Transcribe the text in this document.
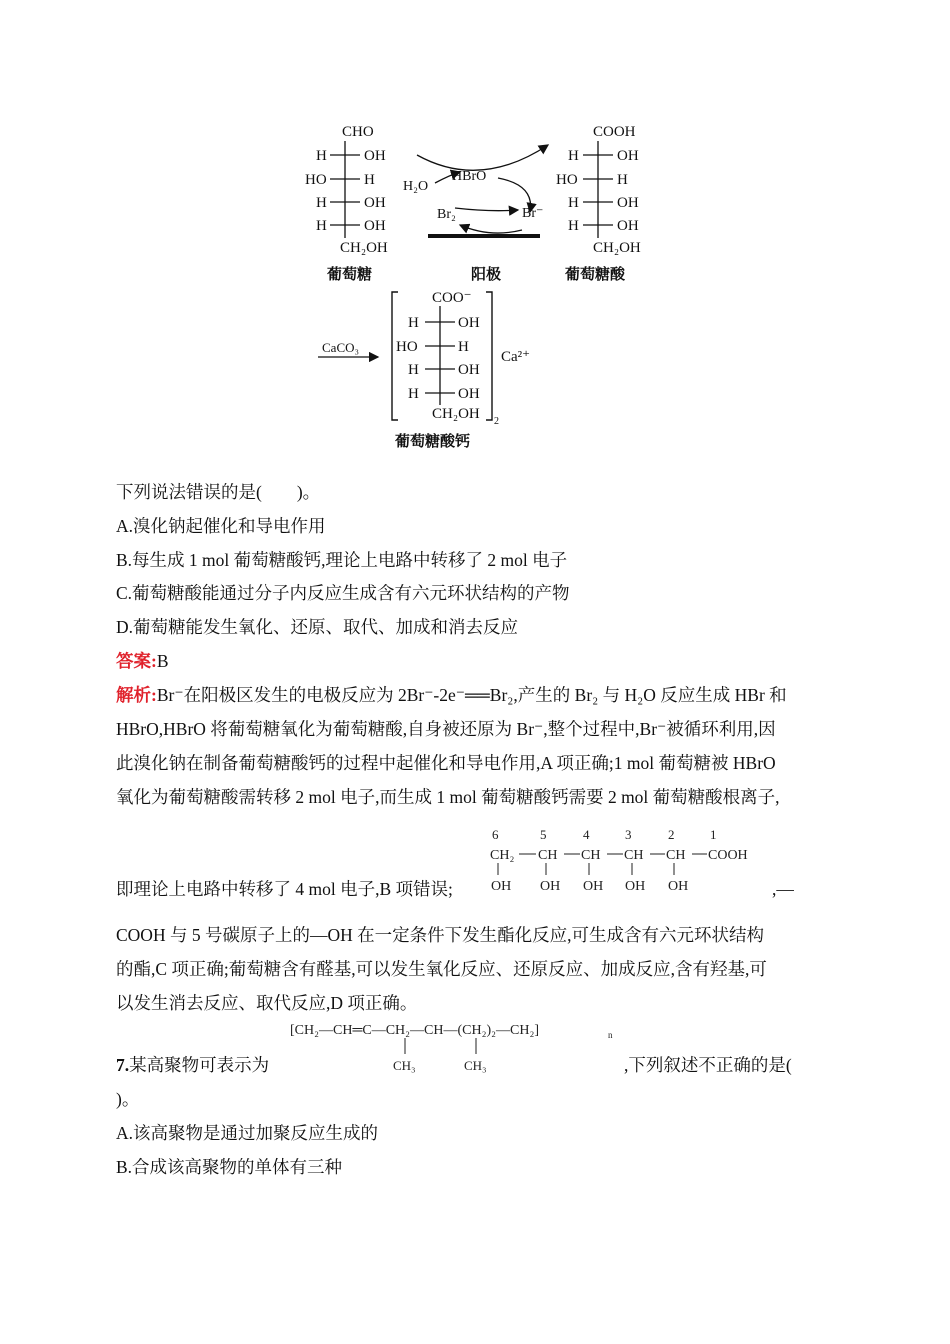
CHO
H OH
HO H
H OH
H OH
CH₂OH
葡萄糖
HBrO
H₂O
Br₂	Br⁻
阳极
COOH
H	OH
HO	H
H	OH
H	OH
CH₂OH
葡萄糖酸
CaCO₃
COO⁻
H	OH
HO	H
H	OH
H	OH
CH₂OH 2
Ca²⁺
葡萄糖酸钙
下列说法错误的是(　　)。
A.溴化钠起催化和导电作用
B.每生成 1 mol 葡萄糖酸钙,理论上电路中转移了 2 mol 电子
C.葡萄糖酸能通过分子内反应生成含有六元环状结构的产物
D.葡萄糖能发生氧化、还原、取代、加成和消去反应
答案:B
解析:Br⁻在阳极区发生的电极反应为 2Br⁻-2e⁻══Br₂,产生的 Br₂ 与 H₂O 反应生成 HBr 和
HBrO,HBrO 将葡萄糖氧化为葡萄糖酸,自身被还原为 Br⁻,整个过程中,Br⁻被循环利用,因
此溴化钠在制备葡萄糖酸钙的过程中起催化和导电作用,A 项正确;1 mol 葡萄糖被 HBrO
氧化为葡萄糖酸需转移 2 mol 电子,而生成 1 mol 葡萄糖酸钙需要 2 mol 葡萄糖酸根离子,
即理论上电路中转移了 4 mol 电子,B 项错误;	,—
6	5	4	3	2	1
CH₂ CH CH CH CH COOH
OH OH OH OH OH
COOH 与 5 号碳原子上的—OH 在一定条件下发生酯化反应,可生成含有六元环状结构
的酯,C 项正确;葡萄糖含有醛基,可以发生氧化反应、还原反应、加成反应,含有羟基,可
以发生消去反应、取代反应,D 项正确。
[CH₂—CH═C—CH₂—CH—(CH₂)₂—CH₂]	n
CH₃	CH₃
7.某高聚物可表示为	,下列叙述不正确的是(
)。
A.该高聚物是通过加聚反应生成的
B.合成该高聚物的单体有三种
